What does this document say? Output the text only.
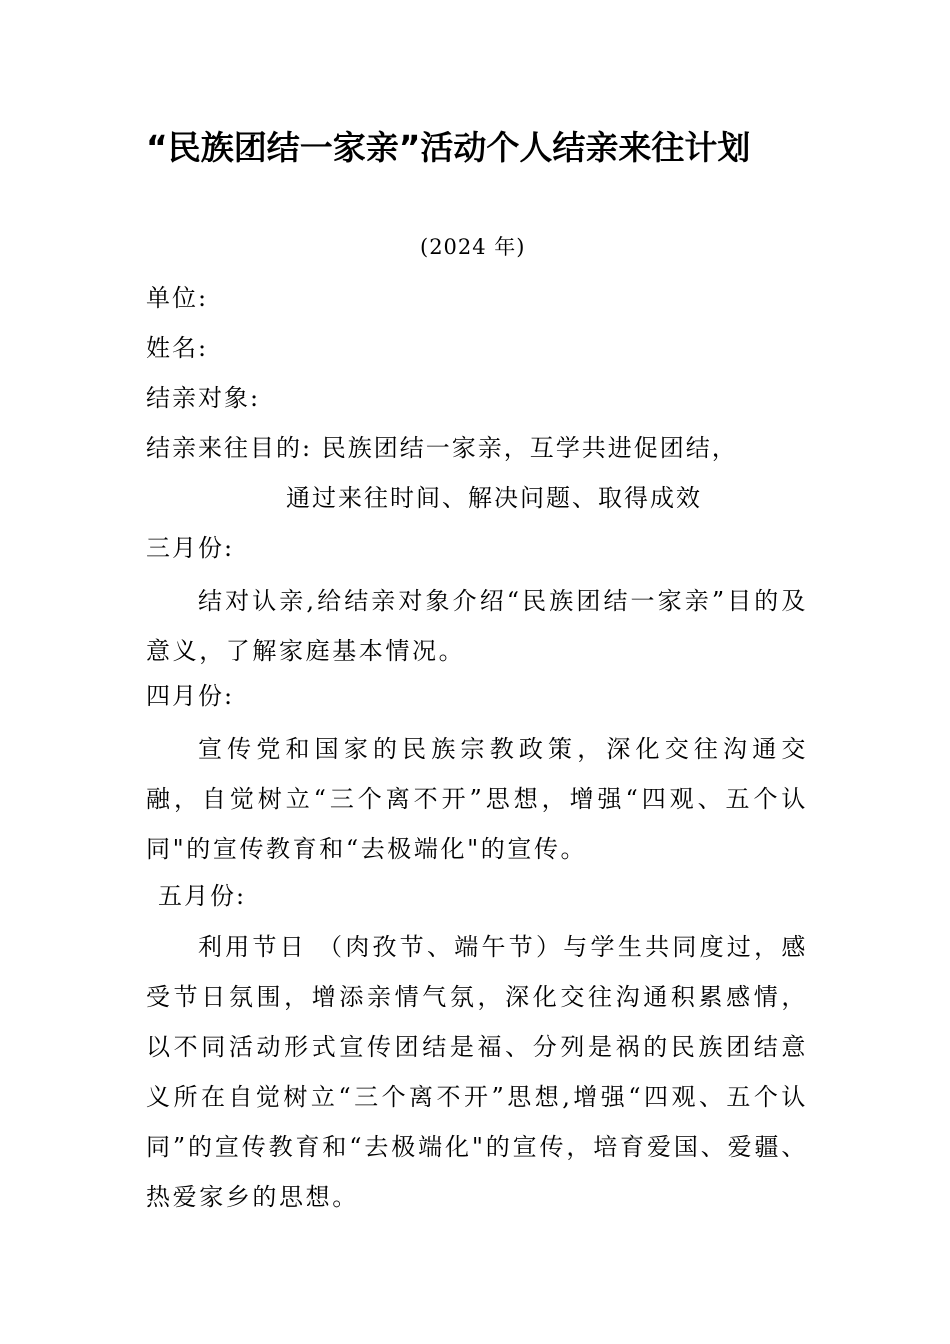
“民族团结一家亲”活动个人结亲来往计划
(2024 年)
单位:
姓名:
结亲对象:
结亲来往目的: 民族团结一家亲，互学共进促团结，
通过来往时间、解决问题、取得成效
三月份:

结对认亲,给结亲对象介绍“民族团结一家亲”目的及意义，了解家庭基本情况。

四月份:

宣传党和国家的民族宗教政策，深化交往沟通交融，自觉树立“三个离不开”思想，增强“四观、五个认同"的宣传教育和“去极端化"的宣传。

五月份:

利用节日 （肉孜节、端午节）与学生共同度过，感受节日氛围，增添亲情气氛，深化交往沟通积累感情，以不同活动形式宣传团结是福、分列是祸的民族团结意义所在自觉树立“三个离不开”思想,增强“四观、五个认同”的宣传教育和“去极端化"的宣传，培育爱国、爱疆、热爱家乡的思想。
